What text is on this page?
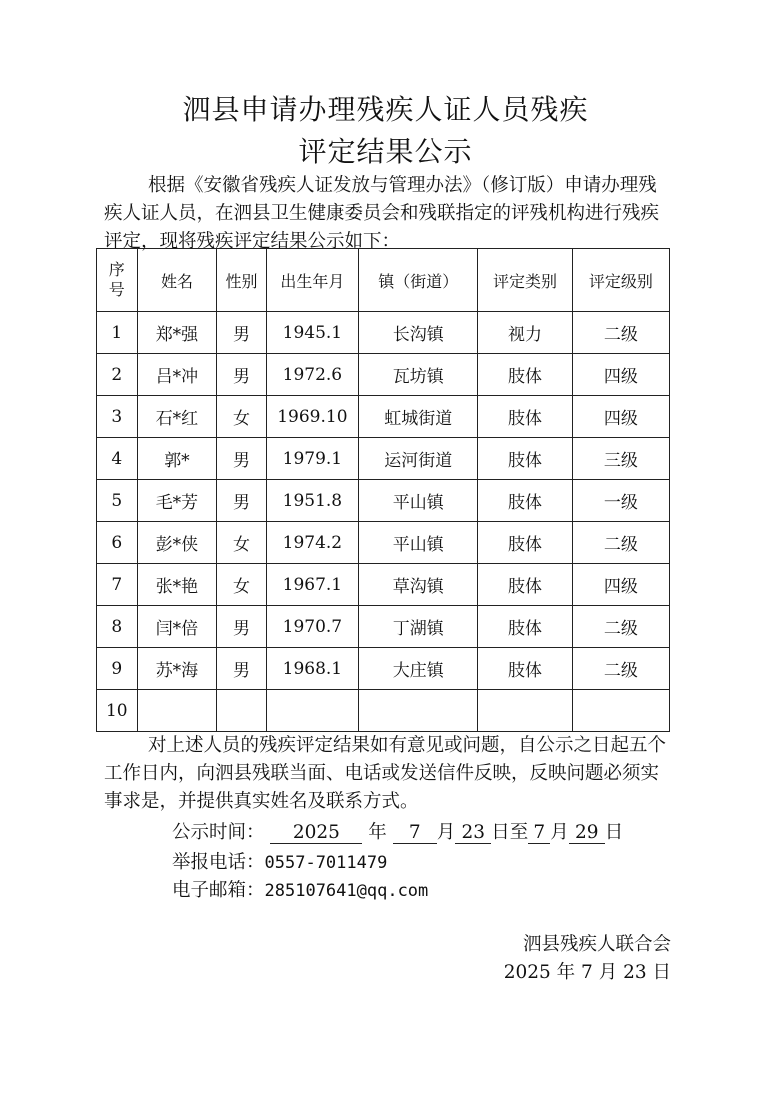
泗县申请办理残疾人证人员残疾
评定结果公示
根据《安徽省残疾人证发放与管理办法》（修订版）申请办理残疾人证人员，在泗县卫生健康委员会和残联指定的评残机构进行残疾评定，现将残疾评定结果公示如下：
序号	姓名	性别	出生年月	镇（街道）	评定类别	评定级别
1	郑*强	男	1945.1	长沟镇	视力	二级
2	吕*冲	男	1972.6	瓦坊镇	肢体	四级
3	石*红	女	1969.10	虹城街道	肢体	四级
4	郭*	男	1979.1	运河街道	肢体	三级
5	毛*芳	男	1951.8	平山镇	肢体	一级
6	彭*侠	女	1974.2	平山镇	肢体	二级
7	张*艳	女	1967.1	草沟镇	肢体	四级
8	闫*倍	男	1970.7	丁湖镇	肢体	二级
9	苏*海	男	1968.1	大庄镇	肢体	二级
10						
对上述人员的残疾评定结果如有意见或问题，自公示之日起五个工作日内，向泗县残联当面、电话或发送信件反映，反映问题必须实事求是，并提供真实姓名及联系方式。
公示时间： 2025 年 7 月 23 日至 7 月 29 日
举报电话：0557-7011479
电子邮箱：285107641@qq.com
泗县残疾人联合会
2025 年 7 月 23 日
